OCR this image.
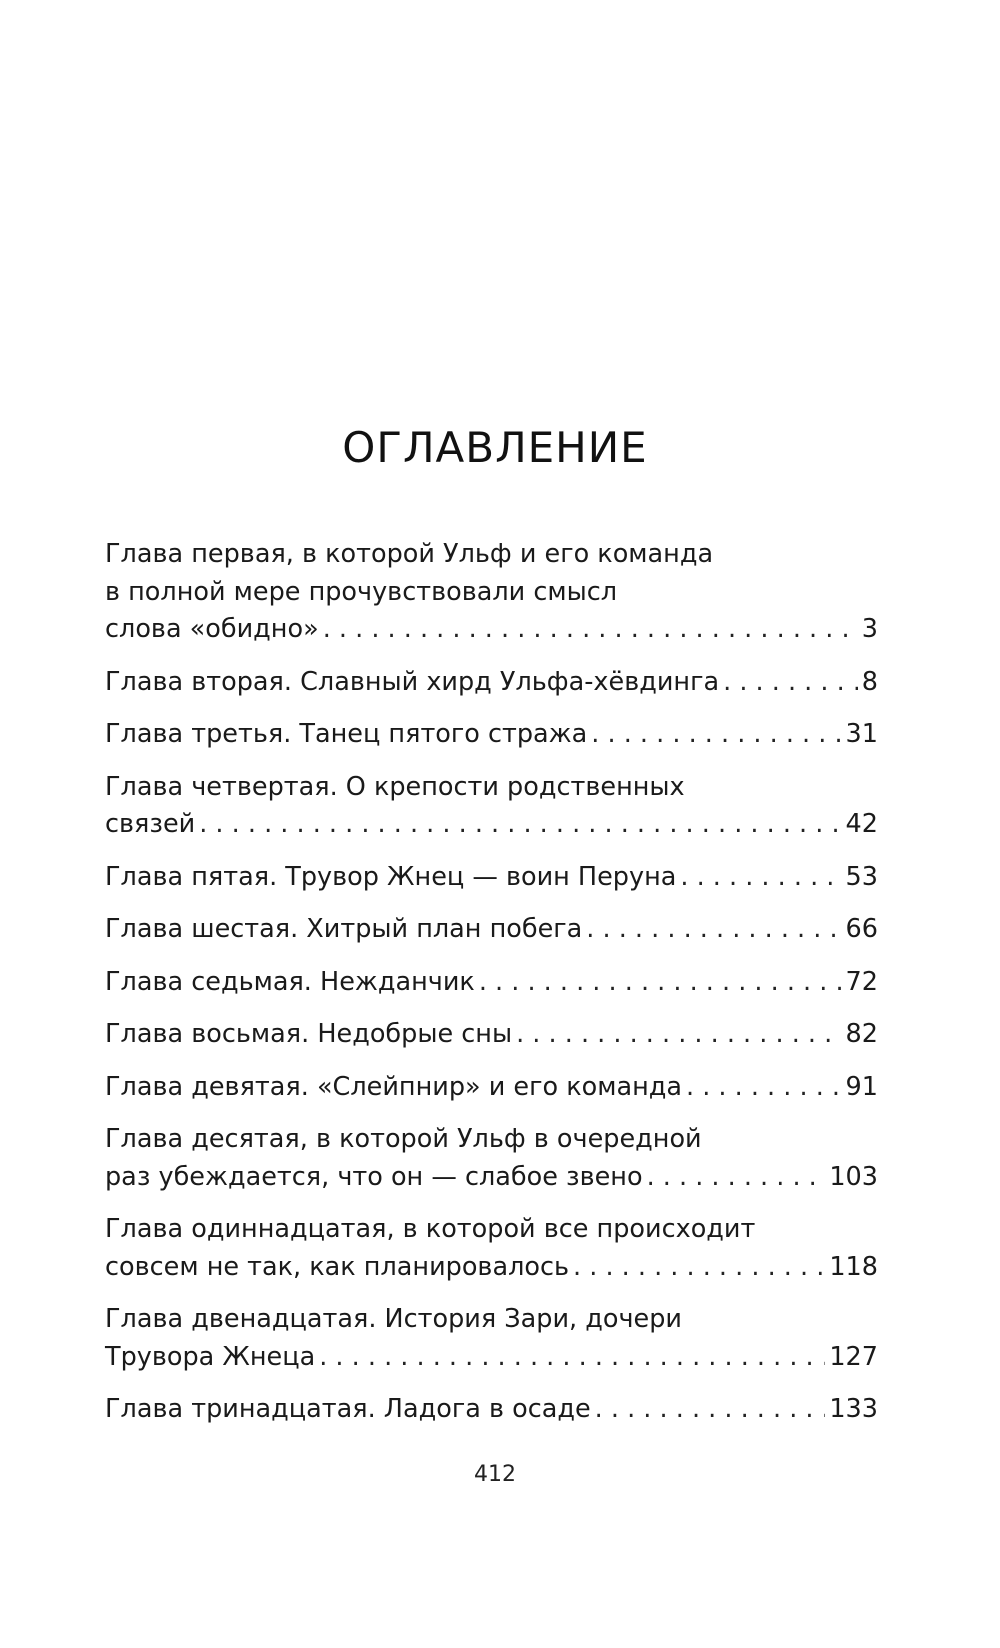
ОГЛАВЛЕНИЕ
Глава первая, в которой Ульф и его команда
в полной мере прочувствовали смысл
слова «обидно» . . .	3
Глава вторая. Славный хирд Ульфа-хёвдинга . . .	8
Глава третья. Танец пятого стража . . .	31
Глава четвертая. О крепости родственных
связей . . .	42
Глава пятая. Трувор Жнец — воин Перуна . . .	53
Глава шестая. Хитрый план побега . . .	66
Глава седьмая. Нежданчик . . .	72
Глава восьмая. Недобрые сны . . .	82
Глава девятая. «Слейпнир» и его команда . . .	91
Глава десятая, в которой Ульф в очередной
раз убеждается, что он — слабое звено . . .	103
Глава одиннадцатая, в которой все происходит
совсем не так, как планировалось . . .	118
Глава двенадцатая. История Зари, дочери
Трувора Жнеца . . .	127
Глава тринадцатая. Ладога в осаде . . .	133
412
